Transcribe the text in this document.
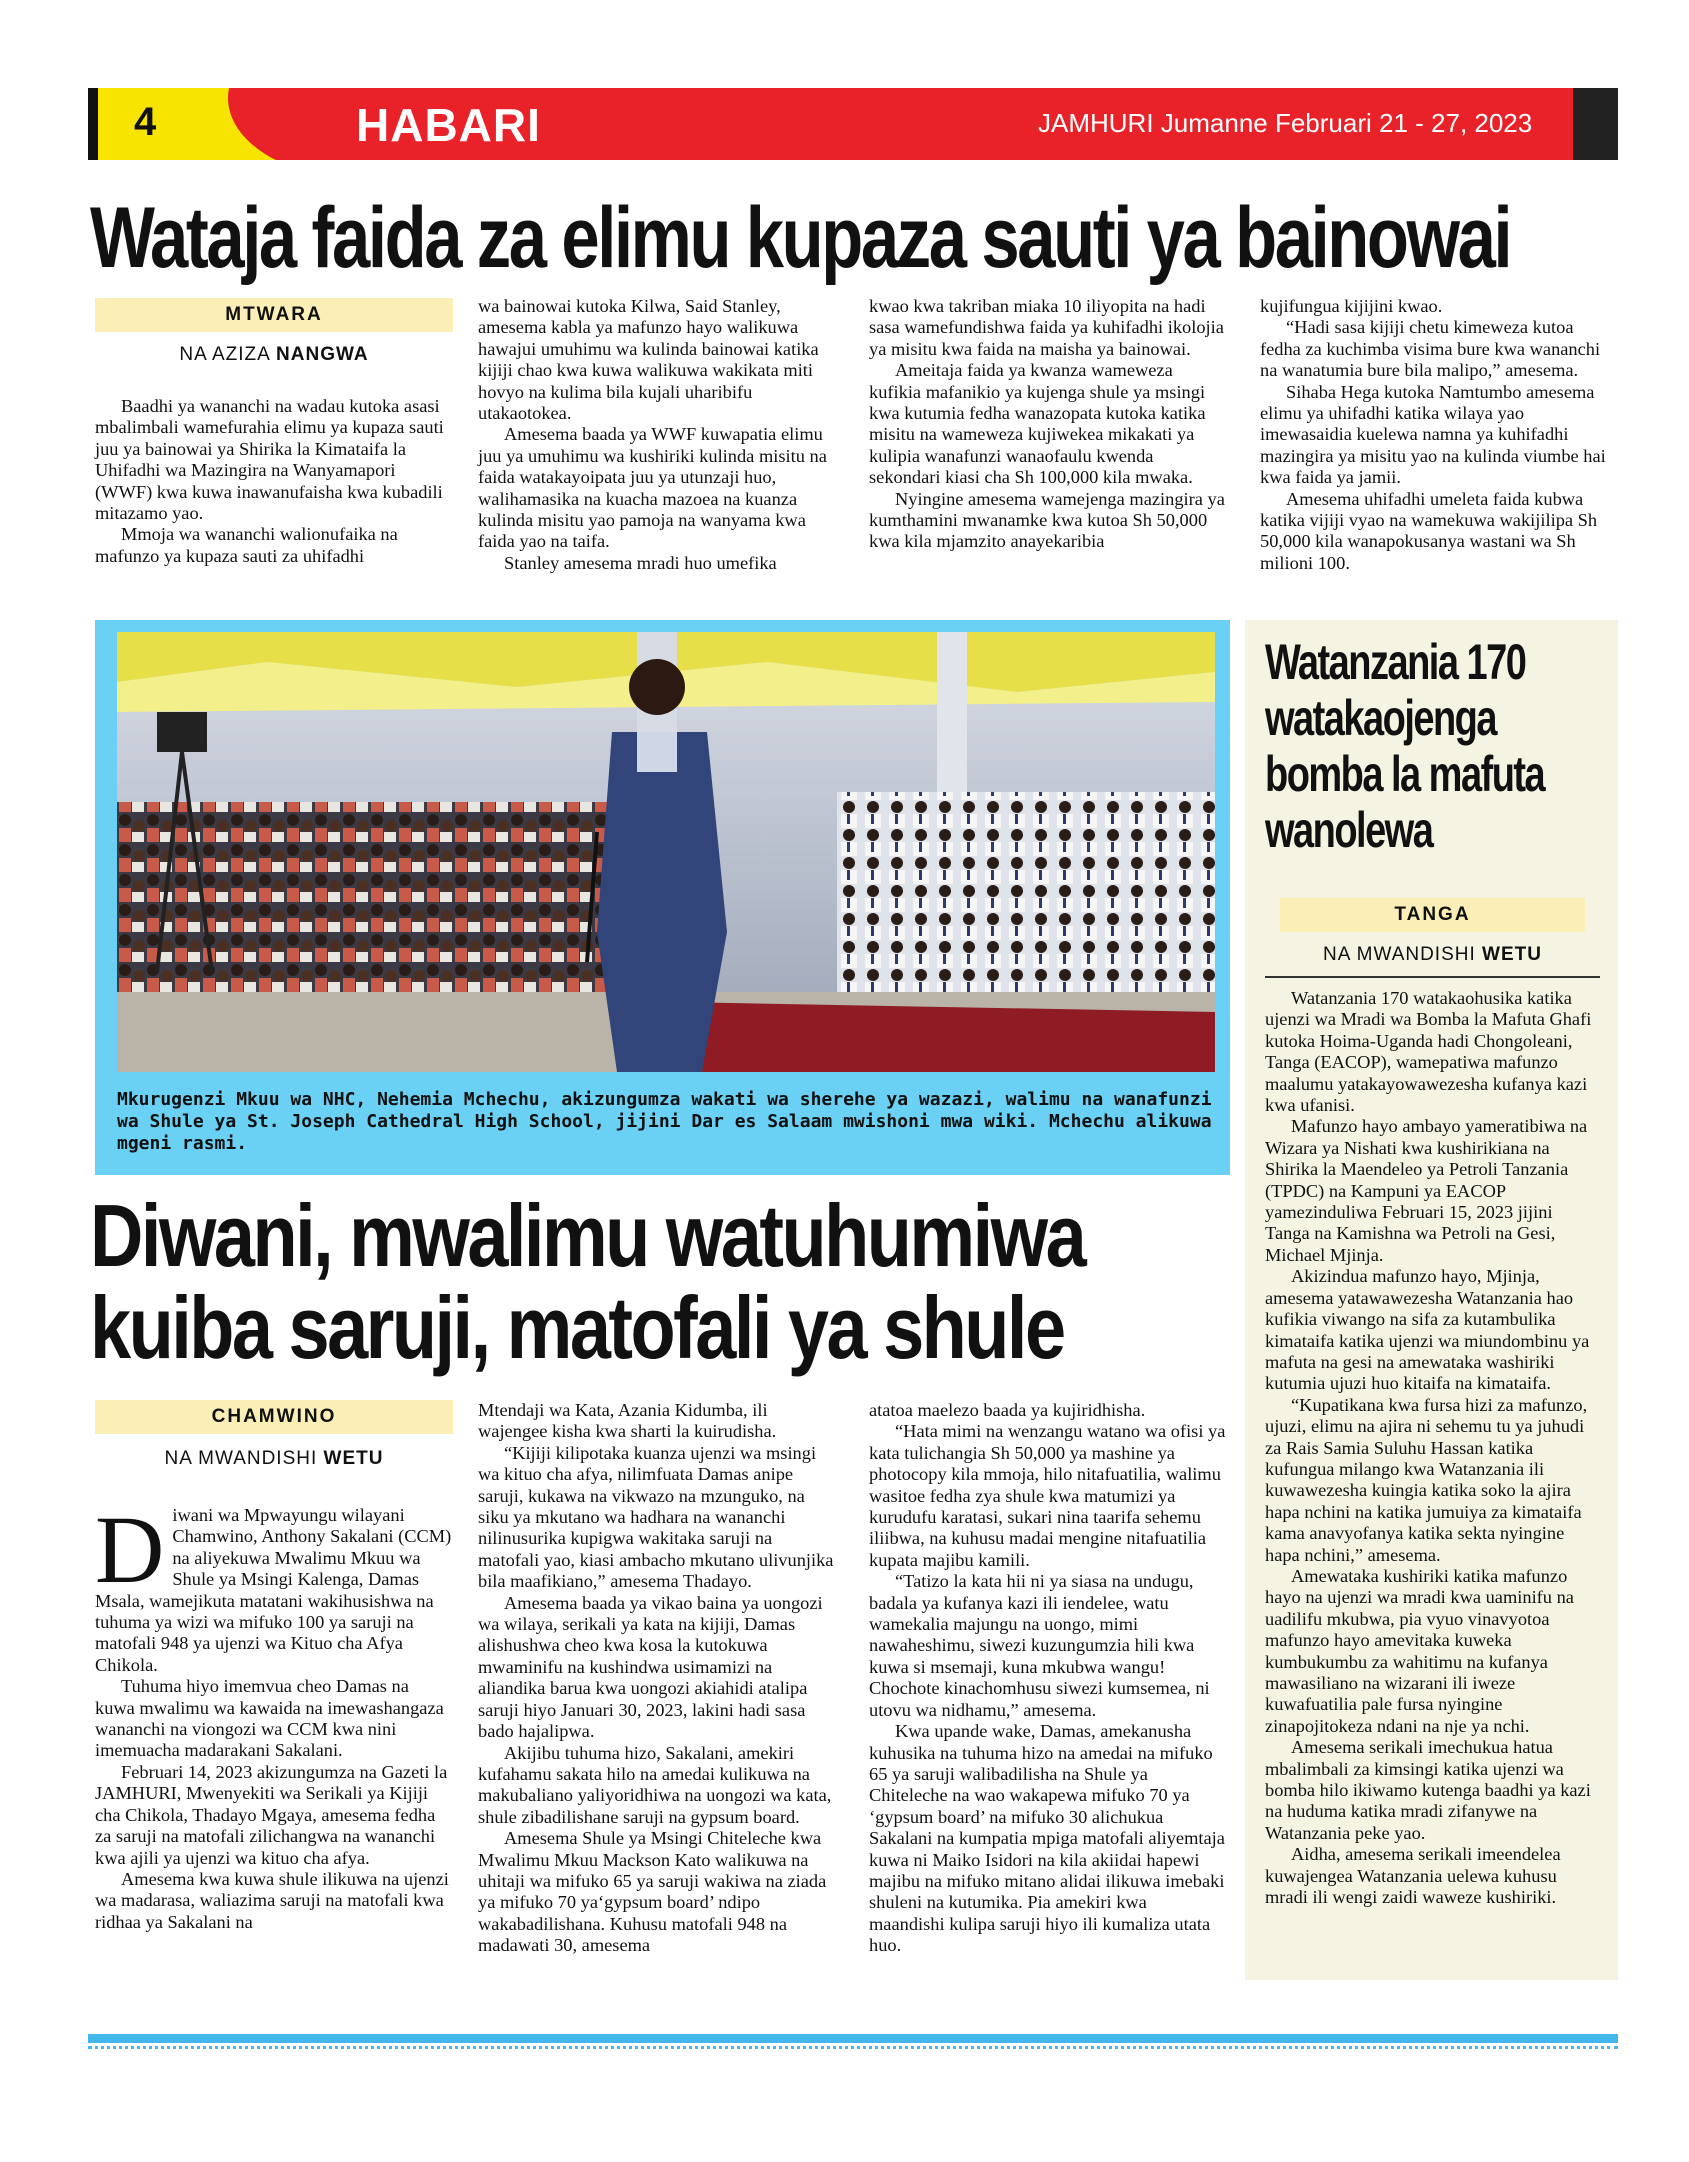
4	HABARI	JAMHURI Jumanne Februari 21 - 27, 2023
Wataja faida za elimu kupaza sauti ya bainowai
MTWARA
NA AZIZA NANGWA

Baadhi ya wananchi na wadau kutoka asasi mbalimbali wamefurahia elimu ya kupaza sauti juu ya bainowai ya Shirika la Kimataifa la Uhifadhi wa Mazingira na Wanyamapori (WWF) kwa kuwa inawanufaisha kwa kubadili mitazamo yao.

Mmoja wa wananchi walionufaika na mafunzo ya kupaza sauti za uhifadhi

wa bainowai kutoka Kilwa, Said Stanley, amesema kabla ya mafunzo hayo walikuwa hawajui umuhimu wa kulinda bainowai katika kijiji chao kwa kuwa walikuwa wakikata miti hovyo na kulima bila kujali uharibifu utakaotokea.

Amesema baada ya WWF kuwapatia elimu juu ya umuhimu wa kushiriki kulinda misitu na faida watakayoipata juu ya utunzaji huo, walihamasika na kuacha mazoea na kuanza kulinda misitu yao pamoja na wanyama kwa faida yao na taifa.

Stanley amesema mradi huo umefika

kwao kwa takriban miaka 10 iliyopita na hadi sasa wamefundishwa faida ya kuhifadhi ikolojia ya misitu kwa faida na maisha ya bainowai.

Ameitaja faida ya kwanza wameweza kufikia mafanikio ya kujenga shule ya msingi kwa kutumia fedha wanazopata kutoka katika misitu na wameweza kujiwekea mikakati ya kulipia wanafunzi wanaofaulu kwenda sekondari kiasi cha Sh 100,000 kila mwaka.

Nyingine amesema wamejenga mazingira ya kumthamini mwanamke kwa kutoa Sh 50,000 kwa kila mjamzito anayekaribia

kujifungua kijijini kwao.

“Hadi sasa kijiji chetu kimeweza kutoa fedha za kuchimba visima bure kwa wananchi na wanatumia bure bila malipo,” amesema.

Sihaba Hega kutoka Namtumbo amesema elimu ya uhifadhi katika wilaya yao imewasaidia kuelewa namna ya kuhifadhi mazingira ya misitu yao na kulinda viumbe hai kwa faida ya jamii.

Amesema uhifadhi umeleta faida kubwa katika vijiji vyao na wamekuwa wakijilipa Sh 50,000 kila wanapokusanya wastani wa Sh milioni 100.

Mkurugenzi Mkuu wa NHC, Nehemia Mchechu, akizungumza wakati wa sherehe ya wazazi, walimu na wanafunzi wa Shule ya St. Joseph Cathedral High School, jijini Dar es Salaam mwishoni mwa wiki. Mchechu alikuwa mgeni rasmi.
Watanzania 170
watakaojenga
bomba la mafuta
wanolewa
TANGA
NA MWANDISHI WETU

Watanzania 170 watakaohusika katika ujenzi wa Mradi wa Bomba la Mafuta Ghafi kutoka Hoima-Uganda hadi Chongoleani, Tanga (EACOP), wamepatiwa mafunzo maalumu yatakayowawezesha kufanya kazi kwa ufanisi.

Mafunzo hayo ambayo yameratibiwa na Wizara ya Nishati kwa kushirikiana na Shirika la Maendeleo ya Petroli Tanzania (TPDC) na Kampuni ya EACOP yamezinduliwa Februari 15, 2023 jijini Tanga na Kamishna wa Petroli na Gesi, Michael Mjinja.

Akizindua mafunzo hayo, Mjinja, amesema yatawawezesha Watanzania hao kufikia viwango na sifa za kutambulika kimataifa katika ujenzi wa miundombinu ya mafuta na gesi na amewataka washiriki kutumia ujuzi huo kitaifa na kimataifa.

“Kupatikana kwa fursa hizi za mafunzo, ujuzi, elimu na ajira ni sehemu tu ya juhudi za Rais Samia Suluhu Hassan katika kufungua milango kwa Watanzania ili kuwawezesha kuingia katika soko la ajira hapa nchini na katika jumuiya za kimataifa kama anavyofanya katika sekta nyingine hapa nchini,” amesema.

Amewataka kushiriki katika mafunzo hayo na ujenzi wa mradi kwa uaminifu na uadilifu mkubwa, pia vyuo vinavyotoa mafunzo hayo amevitaka kuweka kumbukumbu za wahitimu na kufanya mawasiliano na wizarani ili iweze kuwafuatilia pale fursa nyingine zinapojitokeza ndani na nje ya nchi.

Amesema serikali imechukua hatua mbalimbali za kimsingi katika ujenzi wa bomba hilo ikiwamo kutenga baadhi ya kazi na huduma katika mradi zifanywe na Watanzania peke yao.

Aidha, amesema serikali imeendelea kuwajengea Watanzania uelewa kuhusu mradi ili wengi zaidi waweze kushiriki.

Diwani, mwalimu watuhumiwa
kuiba saruji, matofali ya shule
CHAMWINO
NA MWANDISHI WETU

Diwani wa Mpwayungu wilayani Chamwino, Anthony Sakalani (CCM) na aliyekuwa Mwalimu Mkuu wa Shule ya Msingi Kalenga, Damas Msala, wamejikuta matatani wakihusishwa na tuhuma ya wizi wa mifuko 100 ya saruji na matofali 948 ya ujenzi wa Kituo cha Afya Chikola.

Tuhuma hiyo imemvua cheo Damas na kuwa mwalimu wa kawaida na imewashangaza wananchi na viongozi wa CCM kwa nini imemuacha madarakani Sakalani.

Februari 14, 2023 akizungumza na Gazeti la JAMHURI, Mwenyekiti wa Serikali ya Kijiji cha Chikola, Thadayo Mgaya, amesema fedha za saruji na matofali zilichangwa na wananchi kwa ajili ya ujenzi wa kituo cha afya.

Amesema kwa kuwa shule ilikuwa na ujenzi wa madarasa, waliazima saruji na matofali kwa ridhaa ya Sakalani na

Mtendaji wa Kata, Azania Kidumba, ili wajengee kisha kwa sharti la kuirudisha.

“Kijiji kilipotaka kuanza ujenzi wa msingi wa kituo cha afya, nilimfuata Damas anipe saruji, kukawa na vikwazo na mzunguko, na siku ya mkutano wa hadhara na wananchi nilinusurika kupigwa wakitaka saruji na matofali yao, kiasi ambacho mkutano ulivunjika bila maafikiano,” amesema Thadayo.

Amesema baada ya vikao baina ya uongozi wa wilaya, serikali ya kata na kijiji, Damas alishushwa cheo kwa kosa la kutokuwa mwaminifu na kushindwa usimamizi na aliandika barua kwa uongozi akiahidi atalipa saruji hiyo Januari 30, 2023, lakini hadi sasa bado hajalipwa.

Akijibu tuhuma hizo, Sakalani, amekiri kufahamu sakata hilo na amedai kulikuwa na makubaliano yaliyoridhiwa na uongozi wa kata, shule zibadilishane saruji na gypsum board.

Amesema Shule ya Msingi Chiteleche kwa Mwalimu Mkuu Mackson Kato walikuwa na uhitaji wa mifuko 65 ya saruji wakiwa na ziada ya mifuko 70 ya‘gypsum board’ ndipo wakabadilishana. Kuhusu matofali 948 na madawati 30, amesema

atatoa maelezo baada ya kujiridhisha.

“Hata mimi na wenzangu watano wa ofisi ya kata tulichangia Sh 50,000 ya mashine ya photocopy kila mmoja, hilo nitafuatilia, walimu wasitoe fedha zya shule kwa matumizi ya kurudufu karatasi, sukari nina taarifa sehemu iliibwa, na kuhusu madai mengine nitafuatilia kupata majibu kamili.

“Tatizo la kata hii ni ya siasa na undugu, badala ya kufanya kazi ili iendelee, watu wamekalia majungu na uongo, mimi nawaheshimu, siwezi kuzungumzia hili kwa kuwa si msemaji, kuna mkubwa wangu! Chochote kinachomhusu siwezi kumsemea, ni utovu wa nidhamu,” amesema.

Kwa upande wake, Damas, amekanusha kuhusika na tuhuma hizo na amedai na mifuko 65 ya saruji walibadilisha na Shule ya Chiteleche na wao wakapewa mifuko 70 ya ‘gypsum board’ na mifuko 30 alichukua Sakalani na kumpatia mpiga matofali aliyemtaja kuwa ni Maiko Isidori na kila akiidai hapewi majibu na mifuko mitano alidai ilikuwa imebaki shuleni na kutumika. Pia amekiri kwa maandishi kulipa saruji hiyo ili kumaliza utata huo.
